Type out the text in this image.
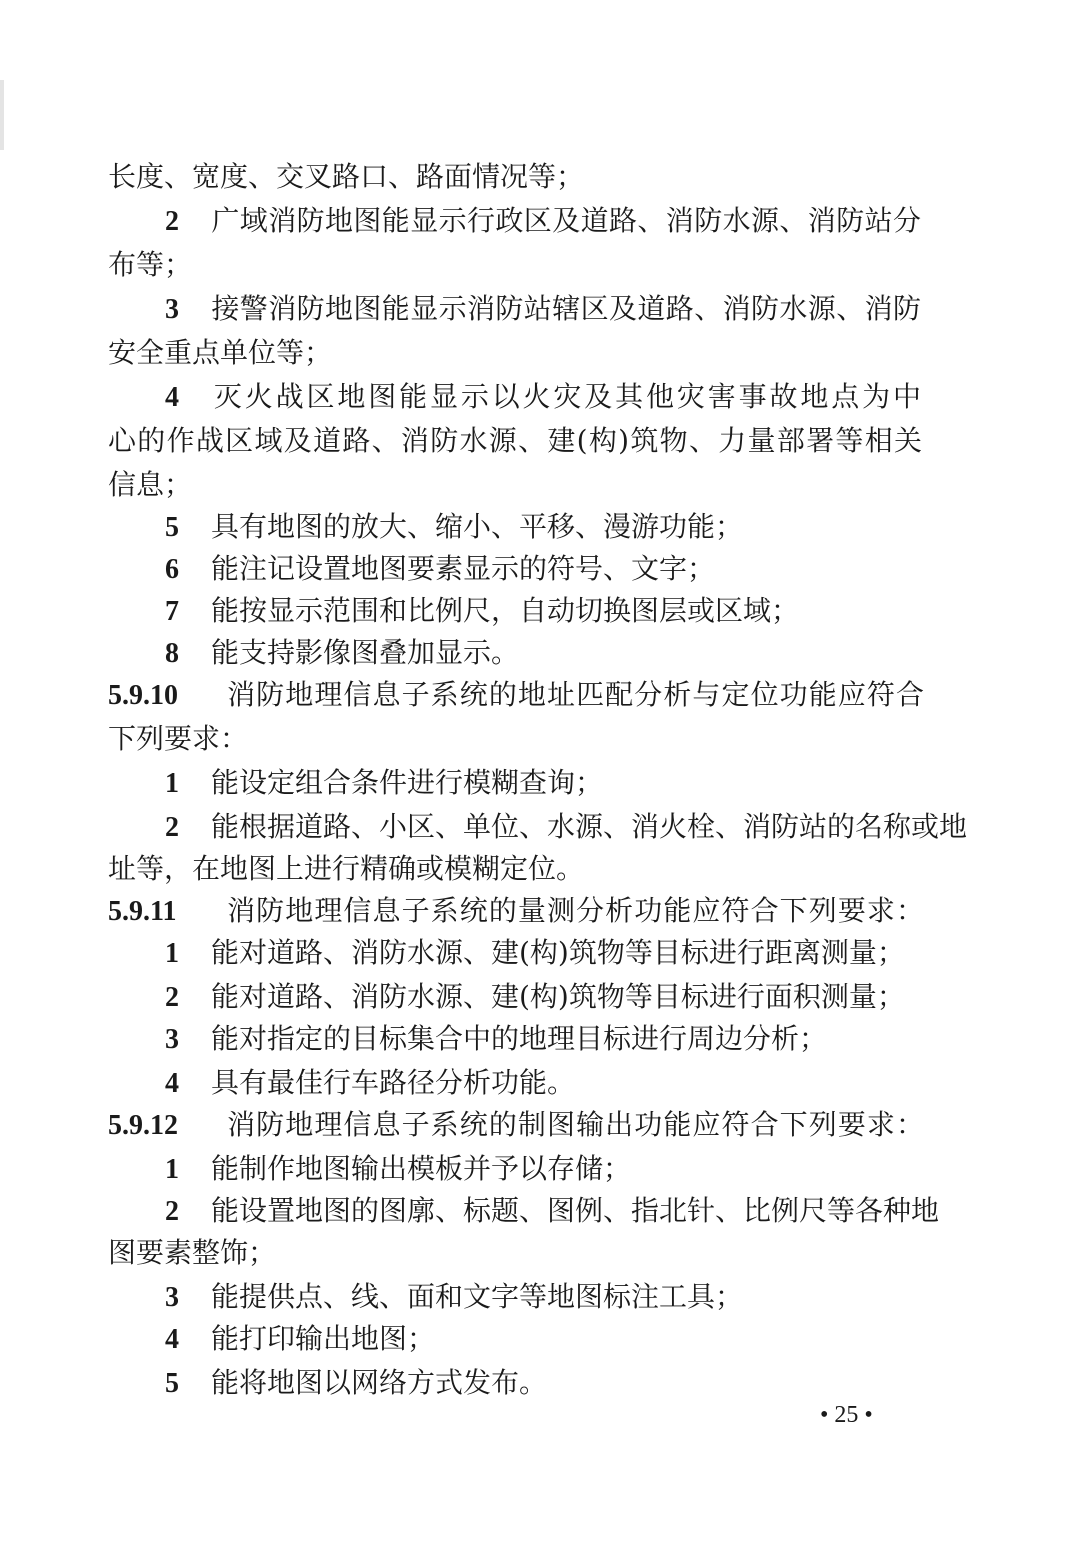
长度、宽度、交叉路口、路面情况等；
2 广域消防地图能显示行政区及道路、消防水源、消防站分
布等；
3 接警消防地图能显示消防站辖区及道路、消防水源、消防
安全重点单位等；
4 灭火战区地图能显示以火灾及其他灾害事故地点为中
心的作战区域及道路、消防水源、建(构)筑物、力量部署等相关
信息；
5 具有地图的放大、缩小、平移、漫游功能；
6 能注记设置地图要素显示的符号、文字；
7 能按显示范围和比例尺，自动切换图层或区域；
8 能支持影像图叠加显示。
5.9.10 消防地理信息子系统的地址匹配分析与定位功能应符合
下列要求：
1 能设定组合条件进行模糊查询；
2 能根据道路、小区、单位、水源、消火栓、消防站的名称或地
址等，在地图上进行精确或模糊定位。
5.9.11 消防地理信息子系统的量测分析功能应符合下列要求：
1 能对道路、消防水源、建(构)筑物等目标进行距离测量；
2 能对道路、消防水源、建(构)筑物等目标进行面积测量；
3 能对指定的目标集合中的地理目标进行周边分析；
4 具有最佳行车路径分析功能。
5.9.12 消防地理信息子系统的制图输出功能应符合下列要求：
1 能制作地图输出模板并予以存储；
2 能设置地图的图廓、标题、图例、指北针、比例尺等各种地
图要素整饰；
3 能提供点、线、面和文字等地图标注工具；
4 能打印输出地图；
5 能将地图以网络方式发布。
• 25 •
